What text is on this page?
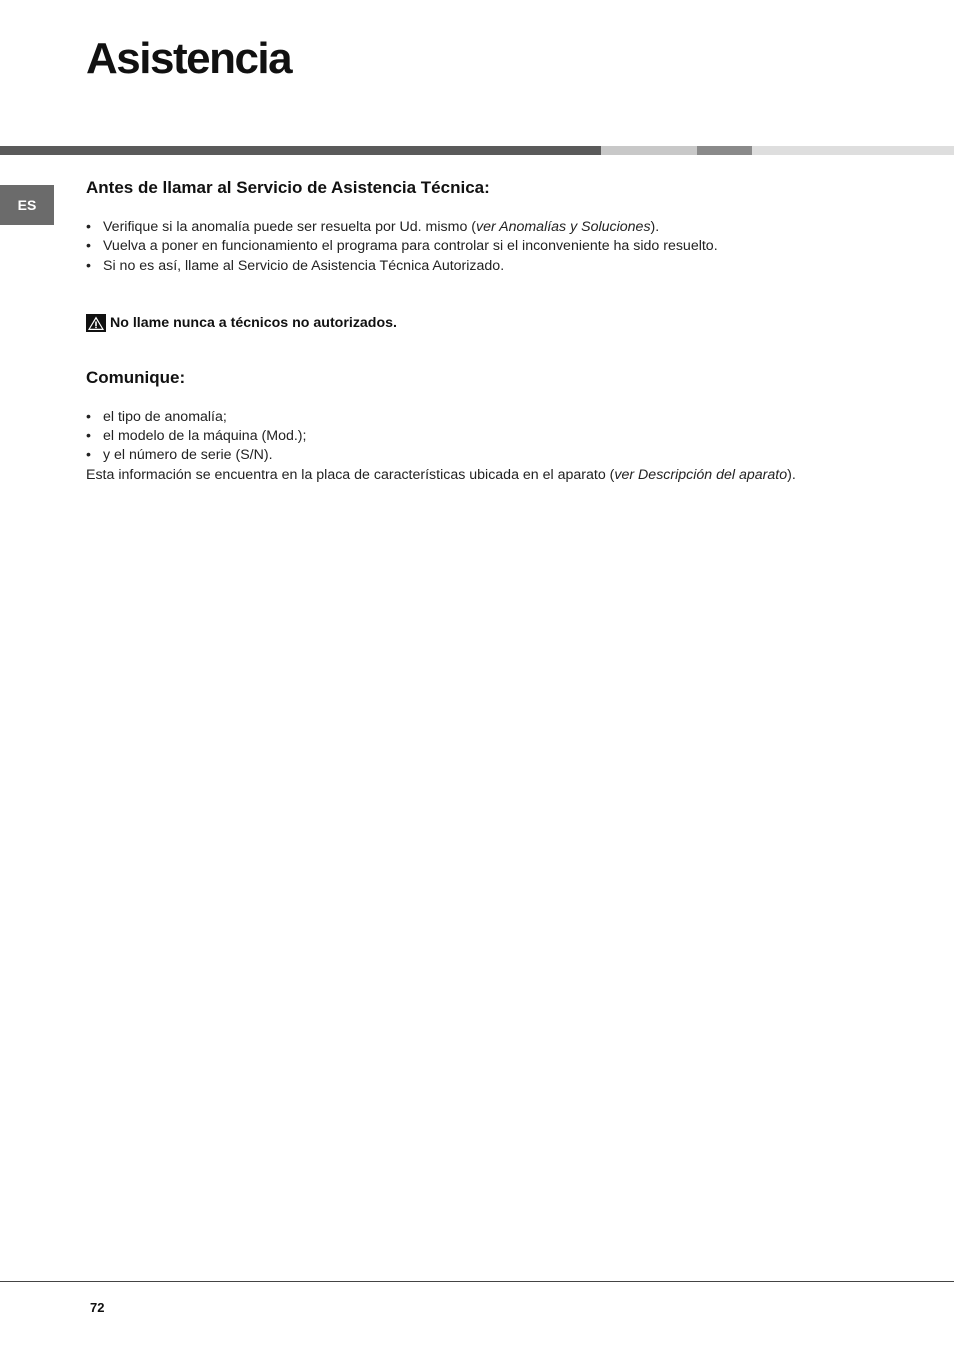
Asistencia
ES
Antes de llamar al Servicio de Asistencia Técnica:
• Verifique si la anomalía puede ser resuelta por Ud. mismo (ver Anomalías y Soluciones).
• Vuelva a poner en funcionamiento el programa para controlar si el inconveniente ha sido resuelto.
• Si no es así, llame al Servicio de Asistencia Técnica Autorizado.
No llame nunca a técnicos no autorizados.
Comunique:
• el tipo de anomalía;
• el modelo de la máquina (Mod.);
• y el número de serie (S/N).

Esta información se encuentra en la placa de características ubicada en el aparato (ver Descripción del aparato).

72
